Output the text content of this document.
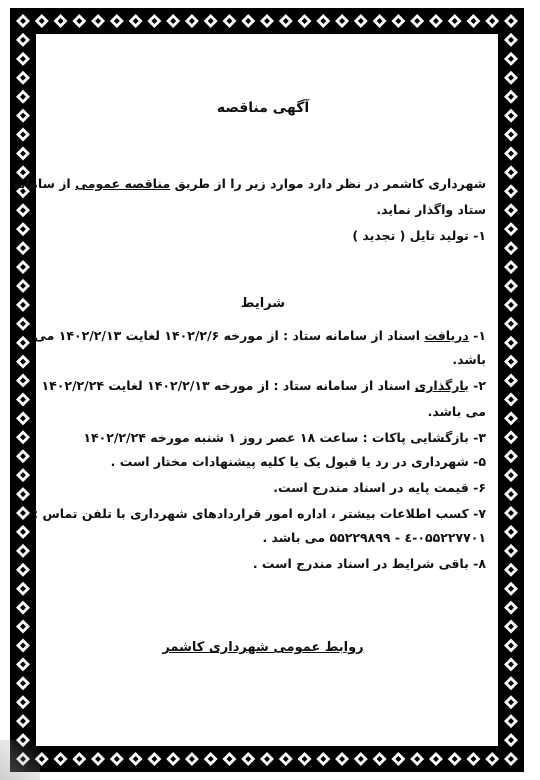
آگهی مناقصه
شهرداری کاشمر در نظر دارد موارد زیر را از طریق مناقصه عمومی از سامانه
ستاد واگذار نماید.
۱- تولید تایل ( تجدید )
شرایط
۱- دریافت اسناد از سامانه ستاد : از مورخه ۱۴۰۲/۲/۶ لغایت ۱۴۰۲/۲/۱۳ می
باشد.
۲- بارگذاری اسناد از سامانه ستاد : از مورخه ۱۴۰۲/۲/۱۳ لغایت ۱۴۰۲/۲/۲۴
می باشد.
۳- بازگشایی پاکات : ساعت ۱۸ عصر روز ۱ شنبه مورخه ۱۴۰۲/۲/۲۴
۵- شهرداری در رد یا قبول یک یا کلیه پیشنهادات مختار است .
۶- قیمت پایه در اسناد مندرج است.
۷- کسب اطلاعات بیشتر ، اداره امور قراردادهای شهرداری با تلفن تماس :
۰۵۵۲۲۷۷۰۱-٤ - ۵۵۲۲۹۸۹۹ می باشد .
۸- باقی شرایط در اسناد مندرج است .
روابط عمومی شهرداری کاشمر
